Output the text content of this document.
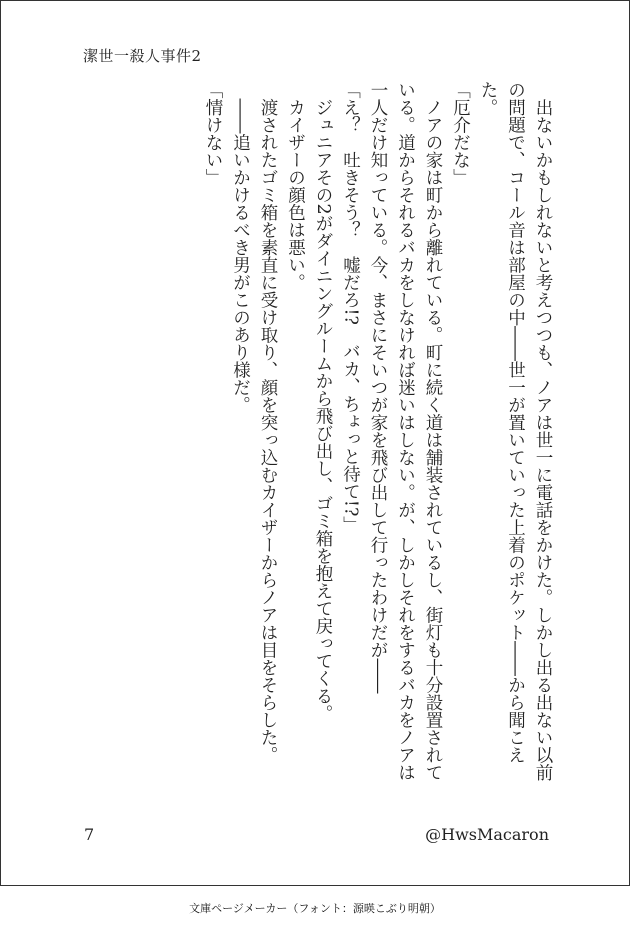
潔世一殺人事件2

　出ないかもしれないと考えつつも、ノアは世一に電話をかけた。しかし出る出ない以前の問題で、コール音は部屋の中――世一が置いていった上着のポケット――から聞こえた。

「厄介だな」

　ノアの家は町から離れている。町に続く道は舗装されているし、街灯も十分設置されている。道からそれるバカをしなければ迷いはしない。が、しかしそれをするバカをノアは一人だけ知っている。今、まさにそいつが家を飛び出して行ったわけだが――

「え？　吐きそう？　嘘だろ!?　バカ、ちょっと待て!?」

　ジュニアその2がダイニングルームから飛び出し、ゴミ箱を抱えて戻ってくる。

　カイザーの顔色は悪い。

　渡されたゴミ箱を素直に受け取り、顔を突っ込むカイザーからノアは目をそらした。

　――追いかけるべき男がこのあり様だ。

「情けない」

7	@HwsMacaron
文庫ページメーカー（フォント：源暎こぶり明朝）
